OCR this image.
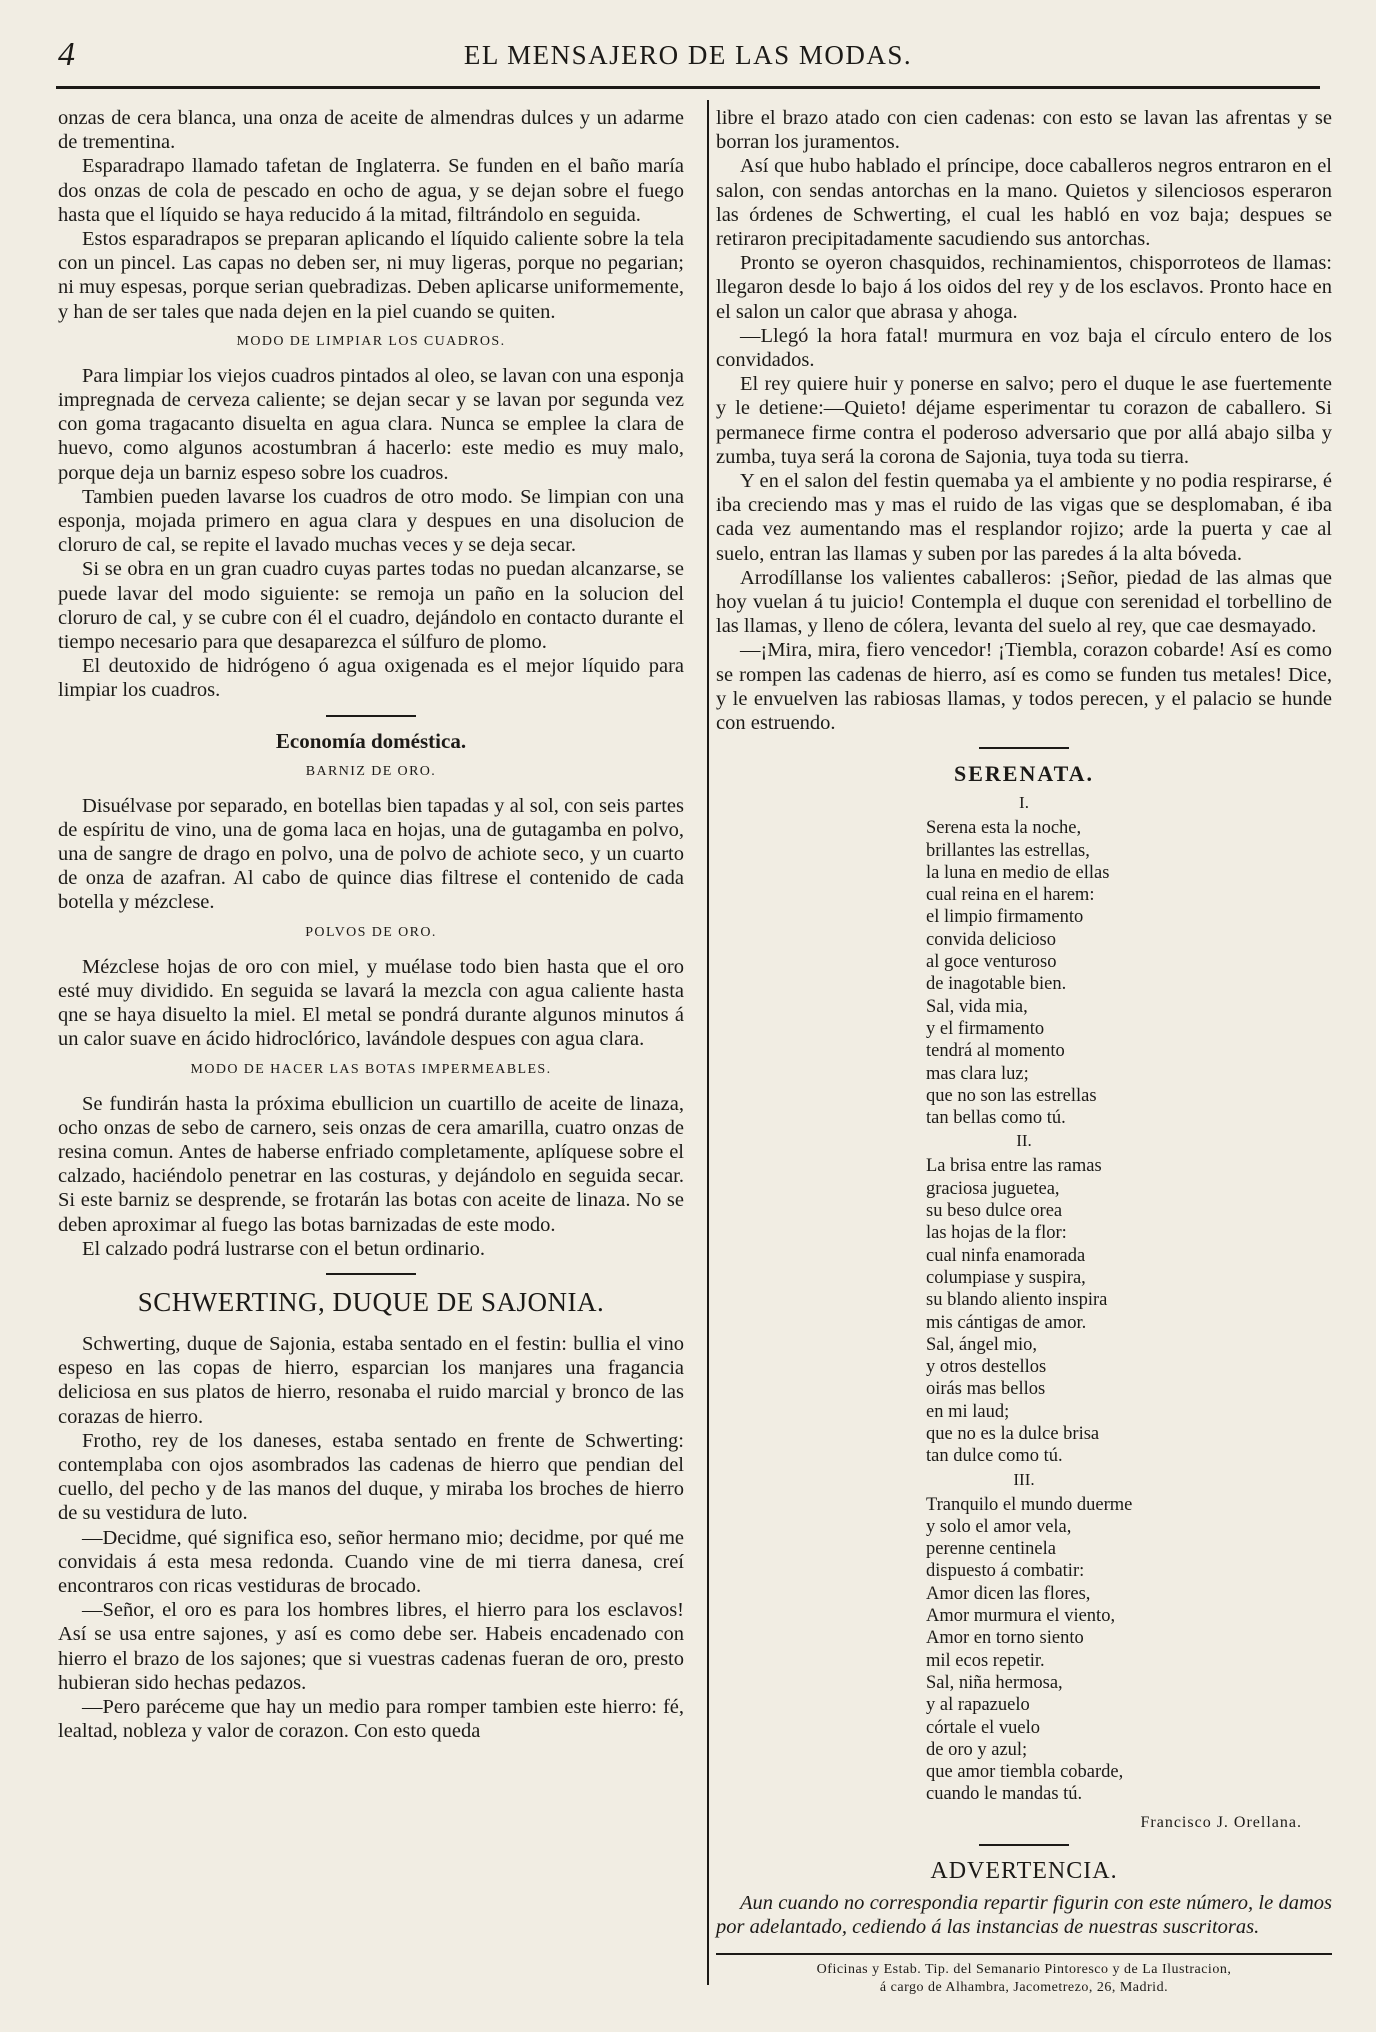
4	EL MENSAJERO DE LAS MODAS.

onzas de cera blanca, una onza de aceite de almendras dulces y un adarme de trementina.

Esparadrapo llamado tafetan de Inglaterra. Se funden en el baño maría dos onzas de cola de pescado en ocho de agua, y se dejan sobre el fuego hasta que el líquido se haya reducido á la mitad, filtrándolo en seguida.

Estos esparadrapos se preparan aplicando el líquido caliente sobre la tela con un pincel. Las capas no deben ser, ni muy ligeras, porque no pegarian; ni muy espesas, porque serian quebradizas. Deben aplicarse uniformemente, y han de ser tales que nada dejen en la piel cuando se quiten.

MODO DE LIMPIAR LOS CUADROS.

Para limpiar los viejos cuadros pintados al oleo, se lavan con una esponja impregnada de cerveza caliente; se dejan secar y se lavan por segunda vez con goma tragacanto disuelta en agua clara. Nunca se emplee la clara de huevo, como algunos acostumbran á hacerlo: este medio es muy malo, porque deja un barniz espeso sobre los cuadros.

Tambien pueden lavarse los cuadros de otro modo. Se limpian con una esponja, mojada primero en agua clara y despues en una disolucion de cloruro de cal, se repite el lavado muchas veces y se deja secar.

Si se obra en un gran cuadro cuyas partes todas no puedan alcanzarse, se puede lavar del modo siguiente: se remoja un paño en la solucion del cloruro de cal, y se cubre con él el cuadro, dejándolo en contacto durante el tiempo necesario para que desaparezca el súlfuro de plomo.

El deutoxido de hidrógeno ó agua oxigenada es el mejor líquido para limpiar los cuadros.

Economía doméstica.
BARNIZ DE ORO.

Disuélvase por separado, en botellas bien tapadas y al sol, con seis partes de espíritu de vino, una de goma laca en hojas, una de gutagamba en polvo, una de sangre de drago en polvo, una de polvo de achiote seco, y un cuarto de onza de azafran. Al cabo de quince dias filtrese el contenido de cada botella y mézclese.

POLVOS DE ORO.

Mézclese hojas de oro con miel, y muélase todo bien hasta que el oro esté muy dividido. En seguida se lavará la mezcla con agua caliente hasta qne se haya disuelto la miel. El metal se pondrá durante algunos minutos á un calor suave en ácido hidroclórico, lavándole despues con agua clara.

MODO DE HACER LAS BOTAS IMPERMEABLES.

Se fundirán hasta la próxima ebullicion un cuartillo de aceite de linaza, ocho onzas de sebo de carnero, seis onzas de cera amarilla, cuatro onzas de resina comun. Antes de haberse enfriado completamente, aplíquese sobre el calzado, haciéndolo penetrar en las costuras, y dejándolo en seguida secar. Si este barniz se desprende, se frotarán las botas con aceite de linaza. No se deben aproximar al fuego las botas barnizadas de este modo.

El calzado podrá lustrarse con el betun ordinario.

SCHWERTING, DUQUE DE SAJONIA.

Schwerting, duque de Sajonia, estaba sentado en el festin: bullia el vino espeso en las copas de hierro, esparcian los manjares una fragancia deliciosa en sus platos de hierro, resonaba el ruido marcial y bronco de las corazas de hierro.

Frotho, rey de los daneses, estaba sentado en frente de Schwerting: contemplaba con ojos asombrados las cadenas de hierro que pendian del cuello, del pecho y de las manos del duque, y miraba los broches de hierro de su vestidura de luto.

—Decidme, qué significa eso, señor hermano mio; decidme, por qué me convidais á esta mesa redonda. Cuando vine de mi tierra danesa, creí encontraros con ricas vestiduras de brocado.

—Señor, el oro es para los hombres libres, el hierro para los esclavos! Así se usa entre sajones, y así es como debe ser. Habeis encadenado con hierro el brazo de los sajones; que si vuestras cadenas fueran de oro, presto hubieran sido hechas pedazos.

—Pero paréceme que hay un medio para romper tambien este hierro: fé, lealtad, nobleza y valor de corazon. Con esto queda

libre el brazo atado con cien cadenas: con esto se lavan las afrentas y se borran los juramentos.

Así que hubo hablado el príncipe, doce caballeros negros entraron en el salon, con sendas antorchas en la mano. Quietos y silenciosos esperaron las órdenes de Schwerting, el cual les habló en voz baja; despues se retiraron precipitadamente sacudiendo sus antorchas.

Pronto se oyeron chasquidos, rechinamientos, chisporroteos de llamas: llegaron desde lo bajo á los oidos del rey y de los esclavos. Pronto hace en el salon un calor que abrasa y ahoga.

—Llegó la hora fatal! murmura en voz baja el círculo entero de los convidados.

El rey quiere huir y ponerse en salvo; pero el duque le ase fuertemente y le detiene:—Quieto! déjame esperimentar tu corazon de caballero. Si permanece firme contra el poderoso adversario que por allá abajo silba y zumba, tuya será la corona de Sajonia, tuya toda su tierra.

Y en el salon del festin quemaba ya el ambiente y no podia respirarse, é iba creciendo mas y mas el ruido de las vigas que se desplomaban, é iba cada vez aumentando mas el resplandor rojizo; arde la puerta y cae al suelo, entran las llamas y suben por las paredes á la alta bóveda.

Arrodíllanse los valientes caballeros: ¡Señor, piedad de las almas que hoy vuelan á tu juicio! Contempla el duque con serenidad el torbellino de las llamas, y lleno de cólera, levanta del suelo al rey, que cae desmayado.

—¡Mira, mira, fiero vencedor! ¡Tiembla, corazon cobarde! Así es como se rompen las cadenas de hierro, así es como se funden tus metales! Dice, y le envuelven las rabiosas llamas, y todos perecen, y el palacio se hunde con estruendo.

SERENATA.
I.
Serena esta la noche,
brillantes las estrellas,
la luna en medio de ellas
cual reina en el harem:
el limpio firmamento
convida delicioso
al goce venturoso
de inagotable bien.
Sal, vida mia,
y el firmamento
tendrá al momento
mas clara luz;
que no son las estrellas
tan bellas como tú.
II.
La brisa entre las ramas
graciosa juguetea,
su beso dulce orea
las hojas de la flor:
cual ninfa enamorada
columpiase y suspira,
su blando aliento inspira
mis cántigas de amor.
Sal, ángel mio,
y otros destellos
oirás mas bellos
en mi laud;
que no es la dulce brisa
tan dulce como tú.
III.
Tranquilo el mundo duerme
y solo el amor vela,
perenne centinela
dispuesto á combatir:
Amor dicen las flores,
Amor murmura el viento,
Amor en torno siento
mil ecos repetir.
Sal, niña hermosa,
y al rapazuelo
córtale el vuelo
de oro y azul;
que amor tiembla cobarde,
cuando le mandas tú.
Francisco J. Orellana.
ADVERTENCIA.

Aun cuando no correspondia repartir figurin con este número, le damos por adelantado, cediendo á las instancias de nuestras suscritoras.

Oficinas y Estab. Tip. del Semanario Pintoresco y de La Ilustracion,
á cargo de Alhambra, Jacometrezo, 26, Madrid.
